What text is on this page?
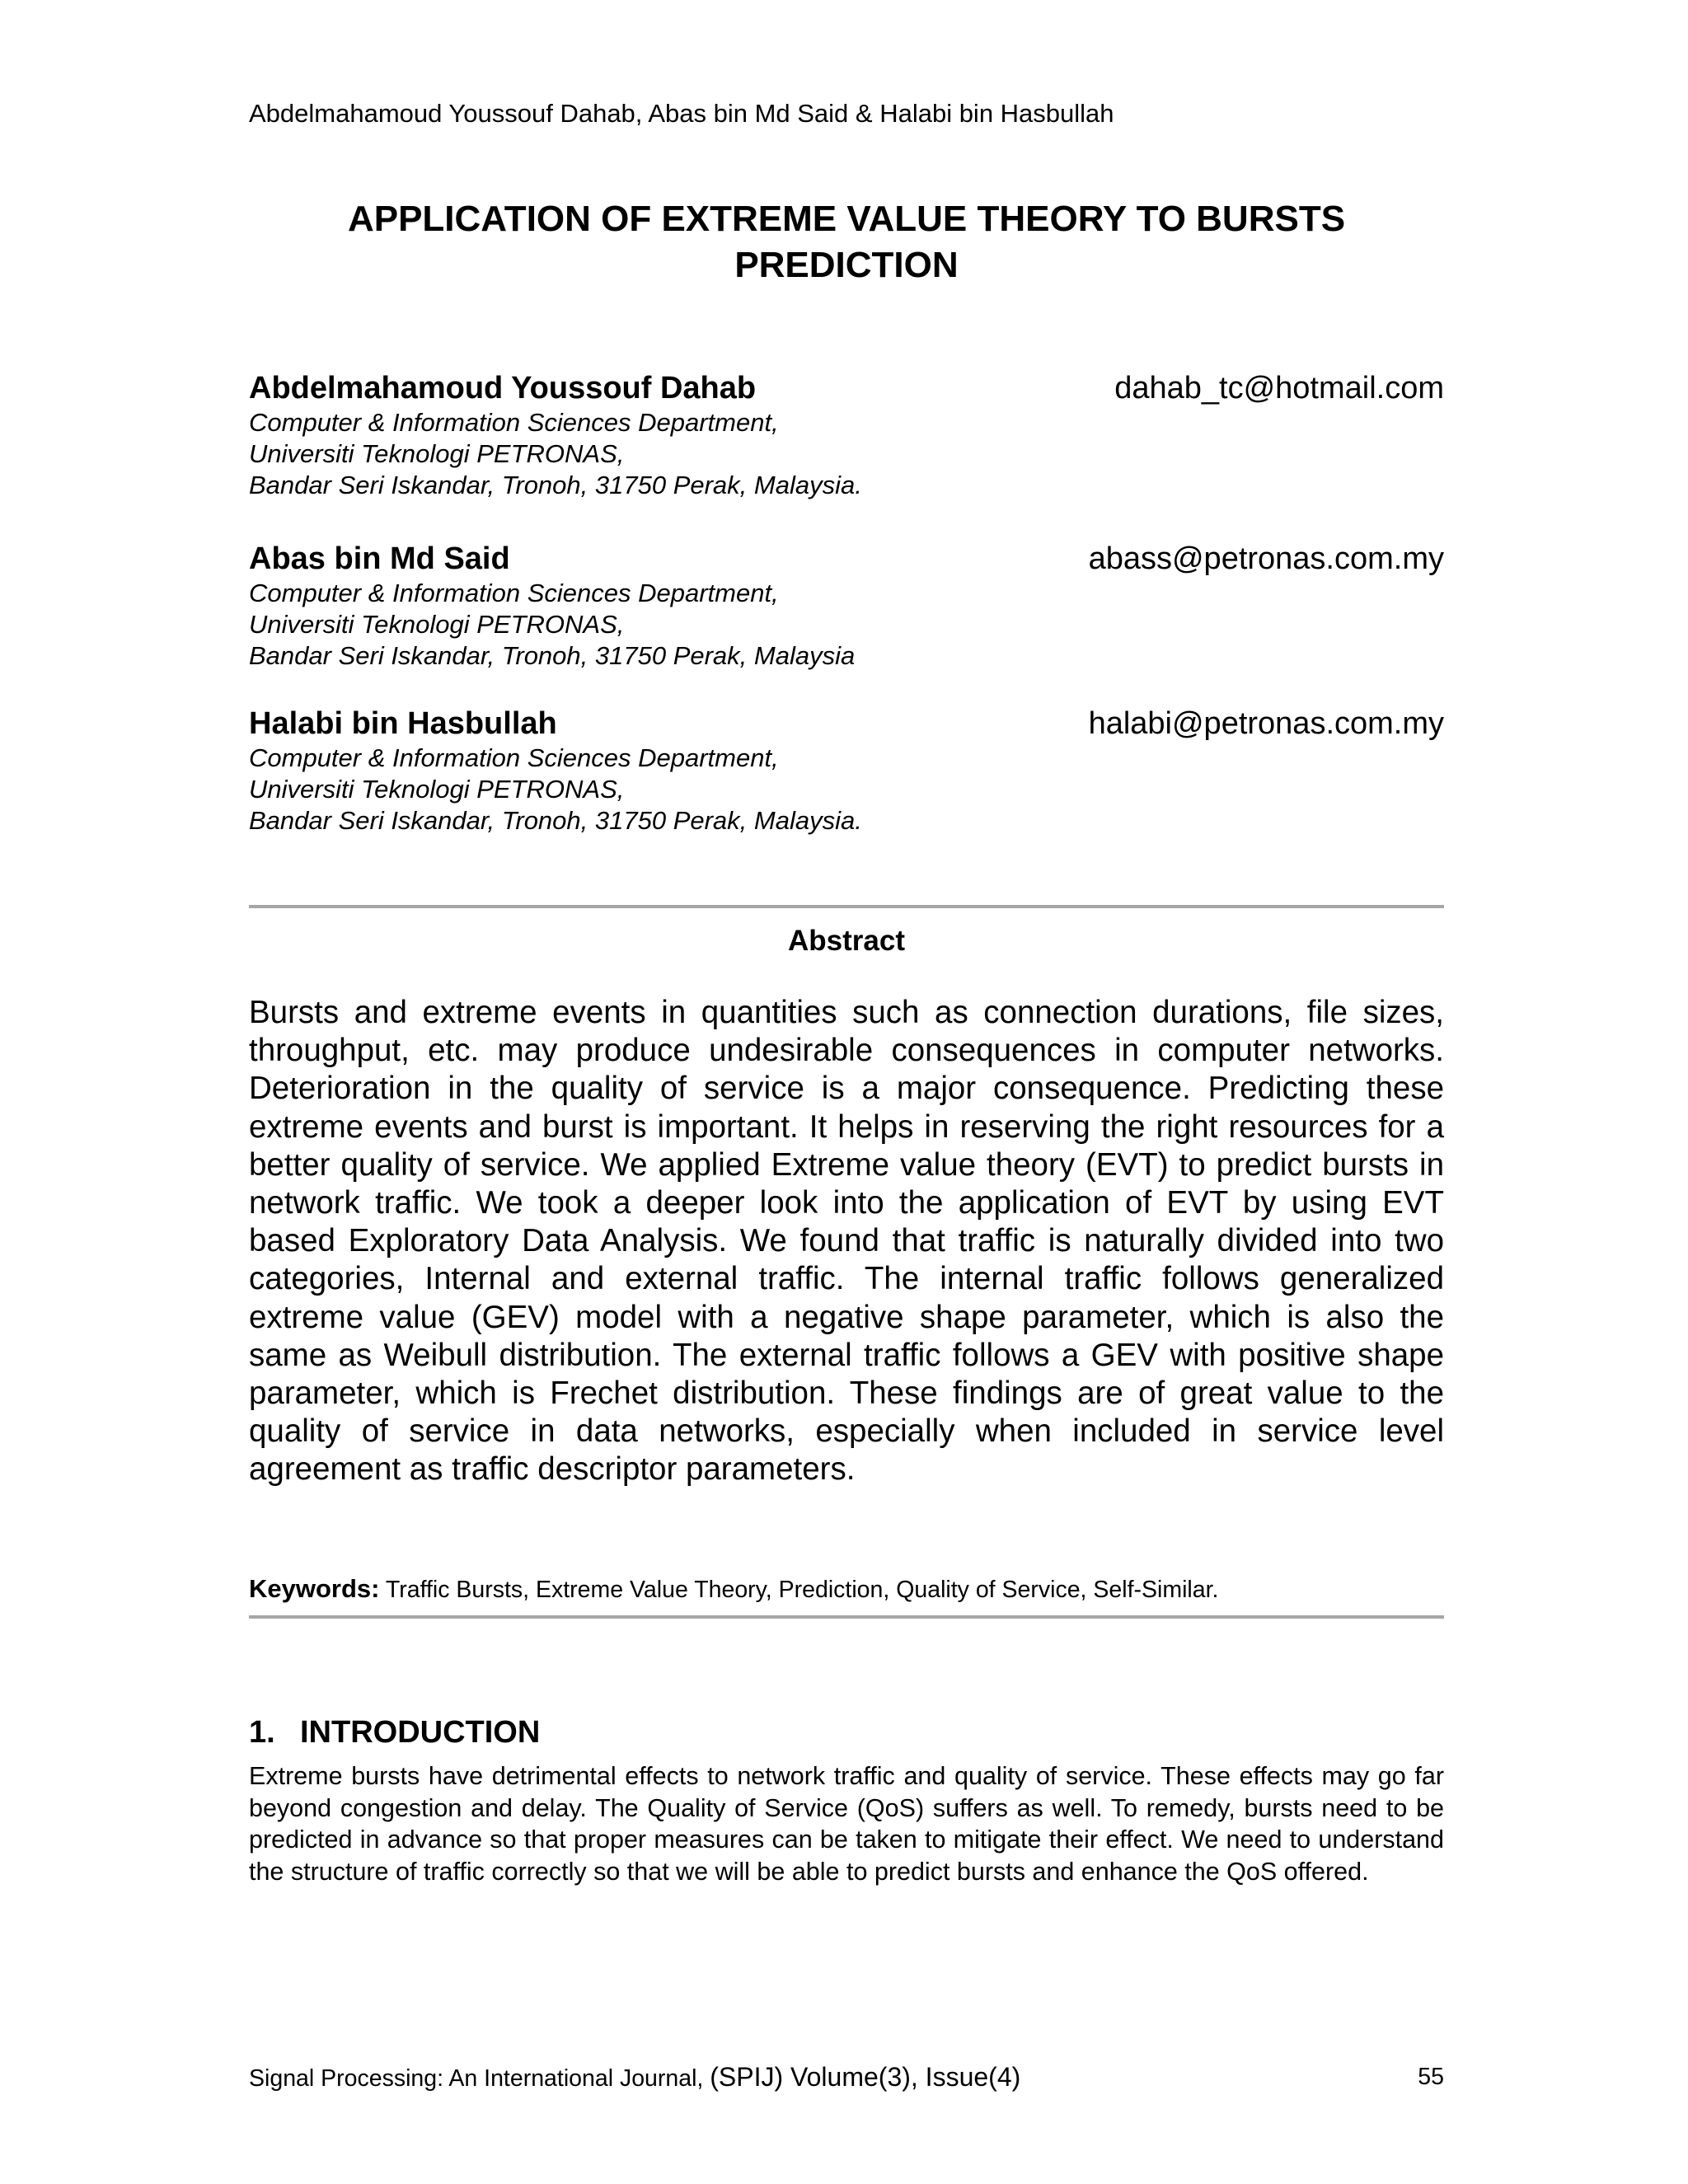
Abdelmahamoud Youssouf Dahab, Abas bin Md Said & Halabi bin Hasbullah
APPLICATION OF EXTREME VALUE THEORY TO BURSTS
PREDICTION
Abdelmahamoud Youssouf Dahab	dahab_tc@hotmail.com
Computer & Information Sciences Department,
Universiti Teknologi PETRONAS,
Bandar Seri Iskandar, Tronoh, 31750 Perak, Malaysia.
Abas bin Md Said	abass@petronas.com.my
Computer & Information Sciences Department,
Universiti Teknologi PETRONAS,
Bandar Seri Iskandar, Tronoh, 31750 Perak, Malaysia
Halabi bin Hasbullah	halabi@petronas.com.my
Computer & Information Sciences Department,
Universiti Teknologi PETRONAS,
Bandar Seri Iskandar, Tronoh, 31750 Perak, Malaysia.
Abstract

Bursts and extreme events in quantities such as connection durations, file sizes, throughput, etc. may produce undesirable consequences in computer networks. Deterioration in the quality of service is a major consequence. Predicting these extreme events and burst is important. It helps in reserving the right resources for a better quality of service. We applied Extreme value theory (EVT) to predict bursts in network traffic. We took a deeper look into the application of EVT by using EVT based Exploratory Data Analysis. We found that traffic is naturally divided into two categories, Internal and external traffic. The internal traffic follows generalized extreme value (GEV) model with a negative shape parameter, which is also the same as Weibull distribution. The external traffic follows a GEV with positive shape parameter, which is Frechet distribution. These findings are of great value to the quality of service in data networks, especially when included in service level agreement as traffic descriptor parameters.

Keywords: Traffic Bursts, Extreme Value Theory, Prediction, Quality of Service, Self-Similar.

1. INTRODUCTION

Extreme bursts have detrimental effects to network traffic and quality of service. These effects may go far beyond congestion and delay. The Quality of Service (QoS) suffers as well. To remedy, bursts need to be predicted in advance so that proper measures can be taken to mitigate their effect. We need to understand the structure of traffic correctly so that we will be able to predict bursts and enhance the QoS offered.

Signal Processing: An International Journal, (SPIJ) Volume(3), Issue(4)	55
